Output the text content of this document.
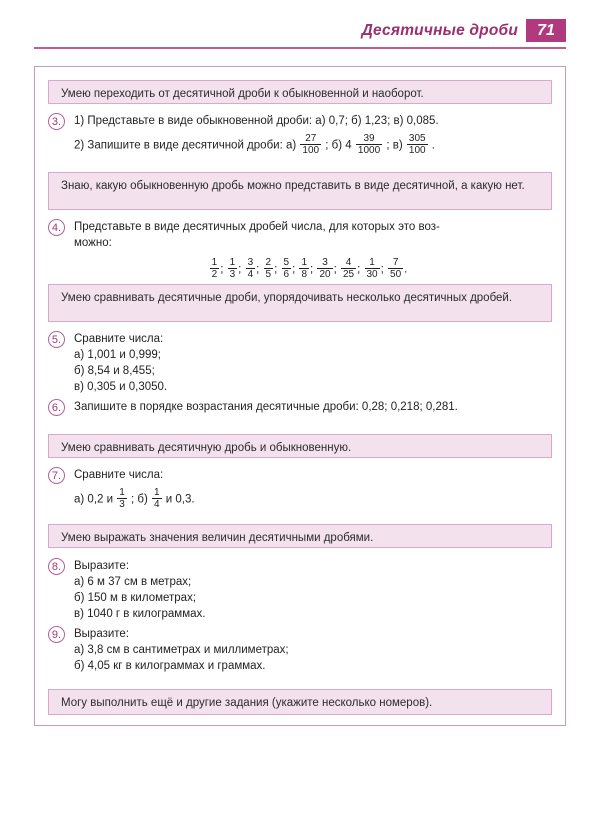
Десятичные дроби	71
Умею переходить от десятичной дроби к обыкновенной и наоборот.
3.	1) Представьте в виде обыкновенной дроби: а) 0,7; б) 1,23; в) 0,085.
2) Запишите в виде десятичной дроби: $а) \frac{27}{100}$ ; б) $4 \frac{39}{1000}$ ; $в) \frac{305}{100}$ .
Знаю, какую обыкновенную дробь можно представить в виде десятичной, а какую нет.
4.	Представьте в виде десятичных дробей числа, для которых это воз-
можно:
$\frac{1}{2}$ ; $\frac{1}{3}$ ; $\frac{3}{4}$ ; $\frac{2}{5}$ ; $\frac{5}{6}$ ; $\frac{1}{8}$ ; $\frac{3}{20}$ ; $\frac{4}{25}$ ; $\frac{1}{30}$ ; $\frac{7}{50}$ .
Умею сравнивать десятичные дроби, упорядочивать несколько десятичных дробей.
5.	Сравните числа:
а) 1,001 и 0,999;
б) 8,54 и 8,455;
в) 0,305 и 0,3050.
6.	Запишите в порядке возрастания десятичные дроби: 0,28; 0,218; 0,281.
Умею сравнивать десятичную дробь и обыкновенную.
7.	Сравните числа:
а) 0,2 и $\frac{1}{3}$ ; $б) \frac{1}{4}$ и 0,3.
Умею выражать значения величин десятичными дробями.
8.	Выразите:
а) 6 м 37 см в метрах;
б) 150 м в километрах;
в) 1040 г в килограммах.
9.	Выразите:
а) 3,8 см в сантиметрах и миллиметрах;
б) 4,05 кг в килограммах и граммах.
Могу выполнить ещё и другие задания (укажите несколько номеров).
